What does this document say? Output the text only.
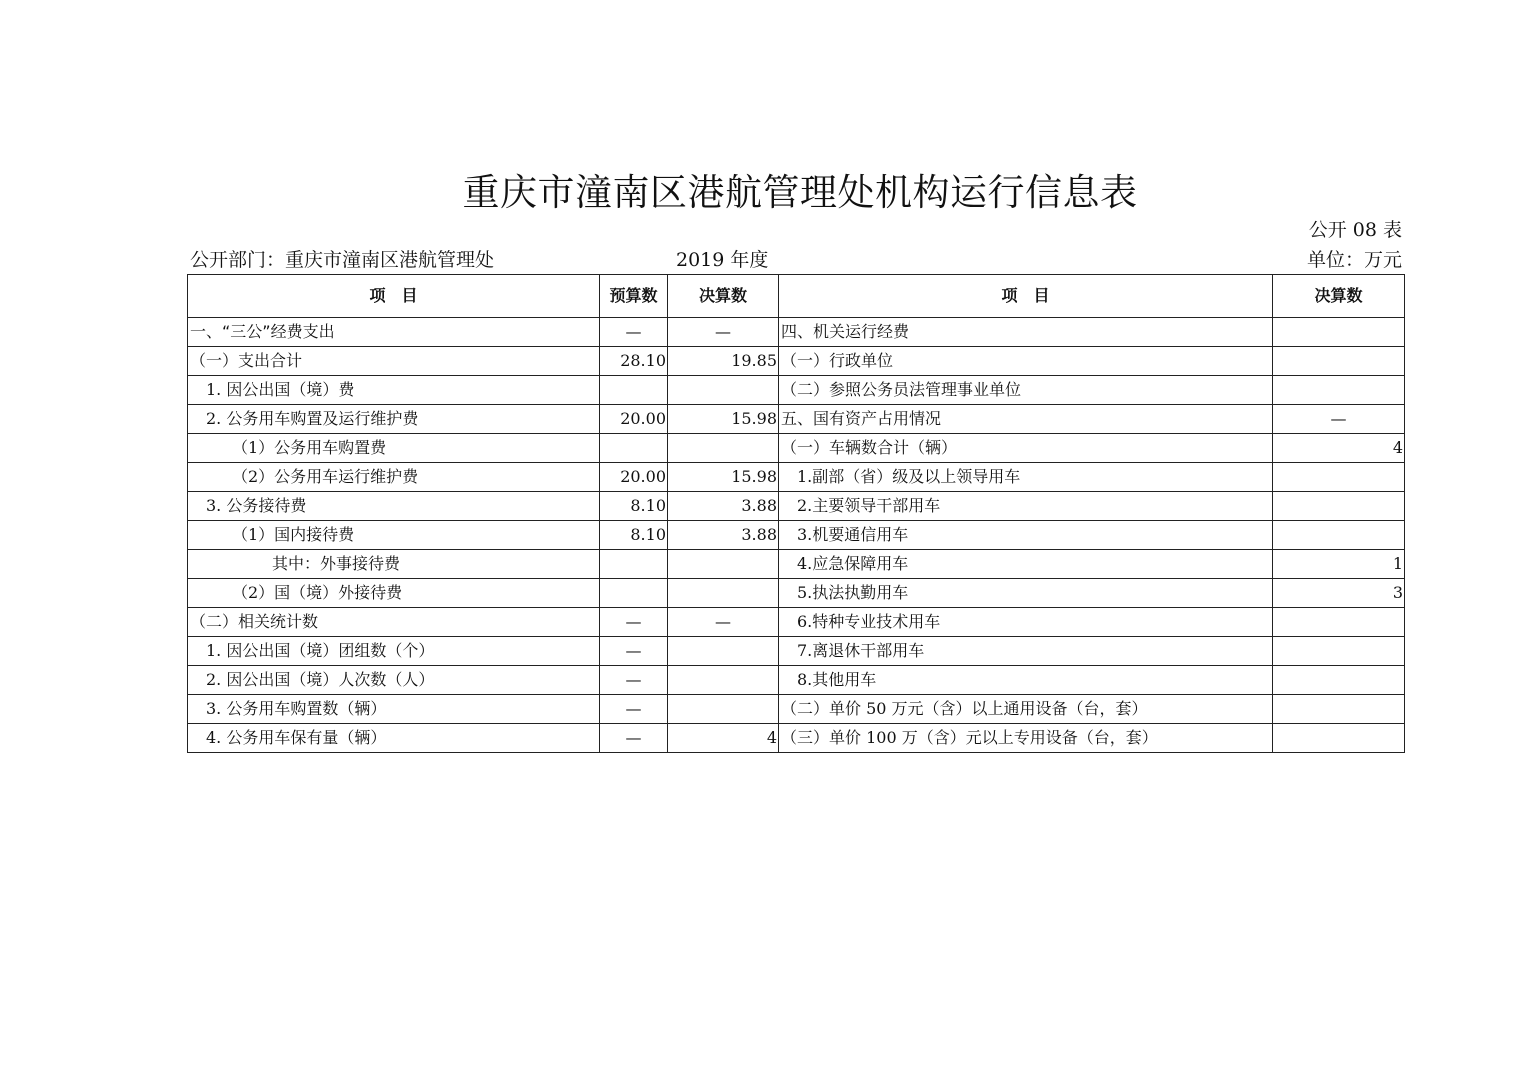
重庆市潼南区港航管理处机构运行信息表
公开 08 表
公开部门：重庆市潼南区港航管理处	2019 年度	单位：万元
项　目	预算数	决算数	项　目	决算数
一、“三公”经费支出	—	—	四、机关运行经费	
（一）支出合计	28.10	19.85	（一）行政单位	
1. 因公出国（境）费			（二）参照公务员法管理事业单位	
2. 公务用车购置及运行维护费	20.00	15.98	五、国有资产占用情况	—
（1）公务用车购置费			（一）车辆数合计（辆）	4
（2）公务用车运行维护费	20.00	15.98	1.副部（省）级及以上领导用车	
3. 公务接待费	8.10	3.88	2.主要领导干部用车	
（1）国内接待费	8.10	3.88	3.机要通信用车	
其中：外事接待费			4.应急保障用车	1
（2）国（境）外接待费			5.执法执勤用车	3
（二）相关统计数	—	—	6.特种专业技术用车	
1. 因公出国（境）团组数（个）	—		7.离退休干部用车	
2. 因公出国（境）人次数（人）	—		8.其他用车	
3. 公务用车购置数（辆）	—		（二）单价 50 万元（含）以上通用设备（台，套）	
4. 公务用车保有量（辆）	—	4	（三）单价 100 万（含）元以上专用设备（台，套）	
